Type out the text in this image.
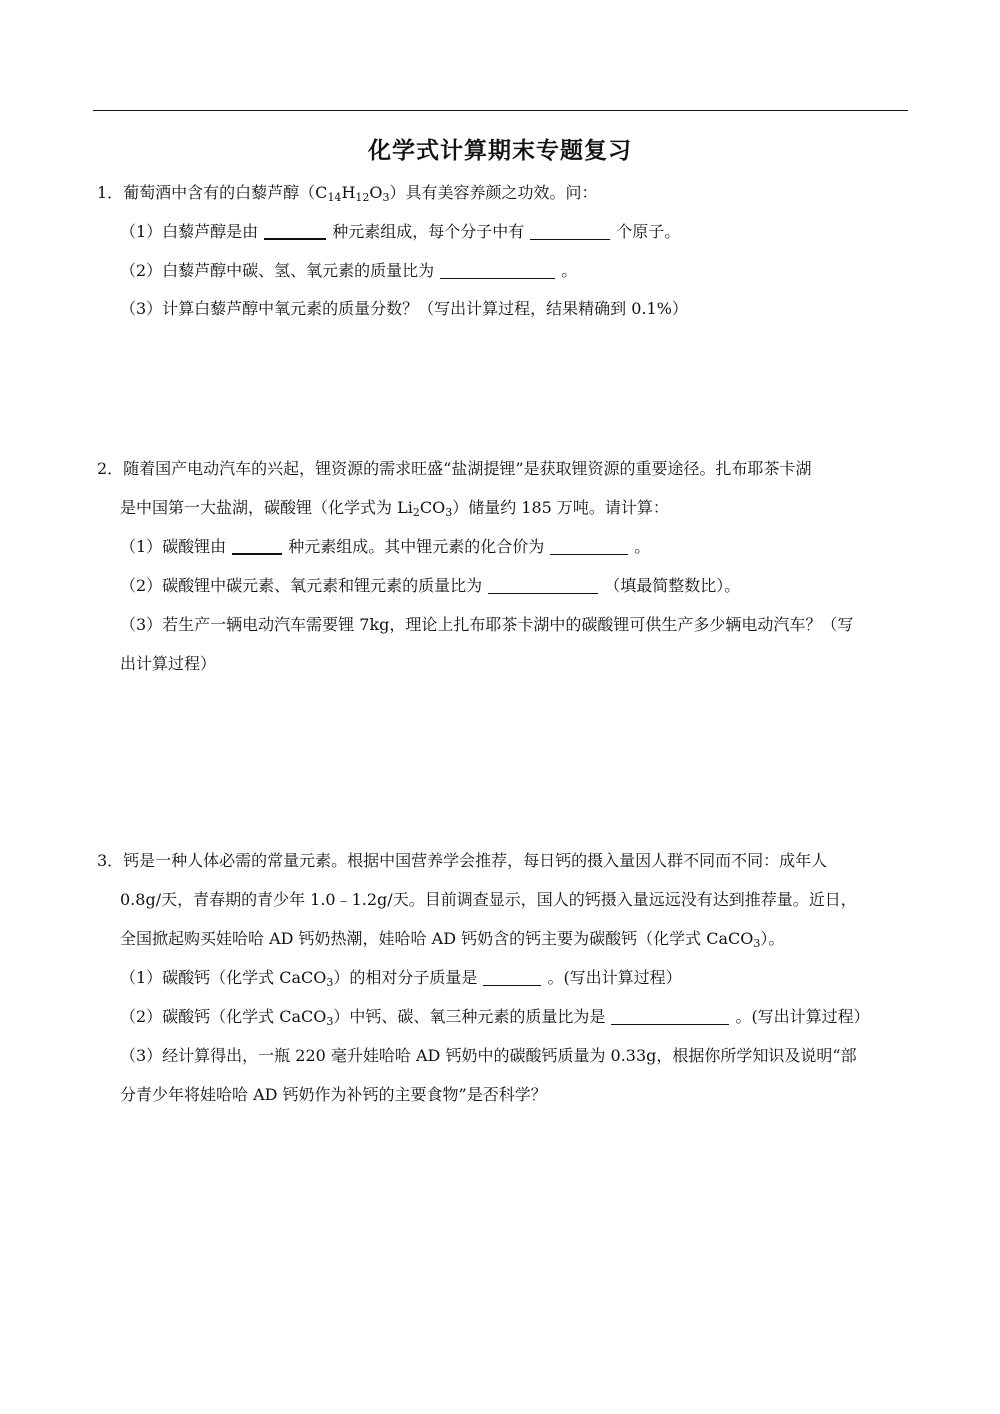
化学式计算期末专题复习
1．葡萄酒中含有的白藜芦醇$(C_{14}H_{12}O_3)$具有美容养颜之功效。问：
（1）白藜芦醇是由	种元素组成，每个分子中有	个原子。
（2）白藜芦醇中碳、氢、氧元素的质量比为	。
（3）计算白藜芦醇中氧元素的质量分数？（写出计算过程，结果精确到 0.1%）
2．随着国产电动汽车的兴起，锂资源的需求旺盛“盐湖提锂”是获取锂资源的重要途径。扎布耶茶卡湖
是中国第一大盐湖，碳酸锂（化学式为 $Li_2CO_3$）储量约 185 万吨。请计算：
（1）碳酸锂由	种元素组成。其中锂元素的化合价为	。
（2）碳酸锂中碳元素、氧元素和锂元素的质量比为	（填最简整数比）。
（3）若生产一辆电动汽车需要锂 7kg，理论上扎布耶茶卡湖中的碳酸锂可供生产多少辆电动汽车？（写
出计算过程）
3．钙是一种人体必需的常量元素。根据中国营养学会推荐，每日钙的摄入量因人群不同而不同：成年人
0.8g/天，青春期的青少年 1.0﹣1.2g/天。目前调查显示，国人的钙摄入量远远没有达到推荐量。近日，
全国掀起购买娃哈哈 AD 钙奶热潮，娃哈哈 AD 钙奶含的钙主要为碳酸钙（化学式 CaCO$_3$）。
（1）碳酸钙（化学式 CaCO$_3$）的相对分子质量是	。(写出计算过程）
（2）碳酸钙（化学式 CaCO$_3$）中钙、碳、氧三种元素的质量比为是	。(写出计算过程）
（3）经计算得出，一瓶 220 毫升娃哈哈 AD 钙奶中的碳酸钙质量为 0.33g，根据你所学知识及说明“部
分青少年将娃哈哈 AD 钙奶作为补钙的主要食物”是否科学？
